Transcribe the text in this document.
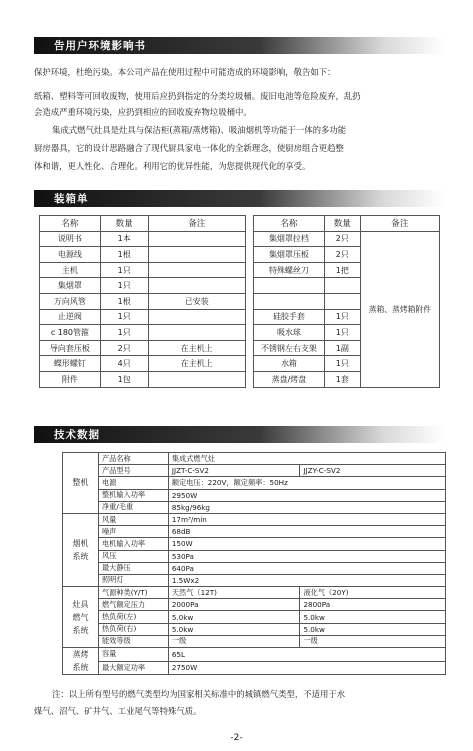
告用户环境影响书
保护环境，杜绝污染。本公司产品在使用过程中可能造成的环境影响，敬告如下：
纸箱、塑料等可回收废物，使用后应扔到指定的分类垃圾桶。废旧电池等危险废弃，乱扔
会造成严重环境污染，应扔到相应的回收废弃物垃圾桶中。
集成式燃气灶具是灶具与保洁柜(蒸箱/蒸烤箱)、吸油烟机等功能于一体的多功能
厨房器具，它的设计思路融合了现代厨具家电一体化的全新理念，使厨房组合更趋整
体和谐，更人性化、合理化。利用它的优异性能，为您提供现代化的享受。
装箱单
名称	数量	备注
说明书	1本	
电源线	1根	
主机	1只	
集烟罩	1只	
万向风管	1根	已安装
止逆阀	1只	
c 180管箍	1只	
导向套压板	2只	在主机上
蝶形螺钉	4只	在主机上
附件	1包	
名称	数量	备注
集烟罩拉档	2只	蒸箱、蒸烤箱附件
集烟罩压板	2只	
特殊螺丝刀	1把	

硅胶手套	1只	
吸水球	1只	
不锈钢左右支架	1副	
水箱	1只	
蒸盘/烤盘	1套	
技术数据
整机	产品名称	集成式燃气灶	
	产品型号	JJZT-C-SV2	JJZY-C-SV2
	电源	额定电压：220V，额定频率：50Hz	
	整机输入功率	2950W	
	净重/毛重	85kg/96kg	
烟机系统	风量	17m³/min	
	噪声	68dB	
	电机输入功率	150W	
	风压	530Pa	
	最大静压	640Pa	
	照明灯	1.5Wx2	
灶具燃气系统	气源种类(Y/T)	天然气（12T)	液化气（20Y)
	燃气额定压力	2000Pa	2800Pa
	热负荷(左)	5.0kw	5.0kw
	热负荷(右)	5.0kw	5.0kw
	能效等级	一级	一级
蒸烤系统	容量	65L	
	最大额定功率	2750W	
注：以上所有型号的燃气类型均为国家相关标准中的城镇燃气类型，不适用于水
煤气、沼气、矿井气、工业尾气等特殊气质。
-2-
